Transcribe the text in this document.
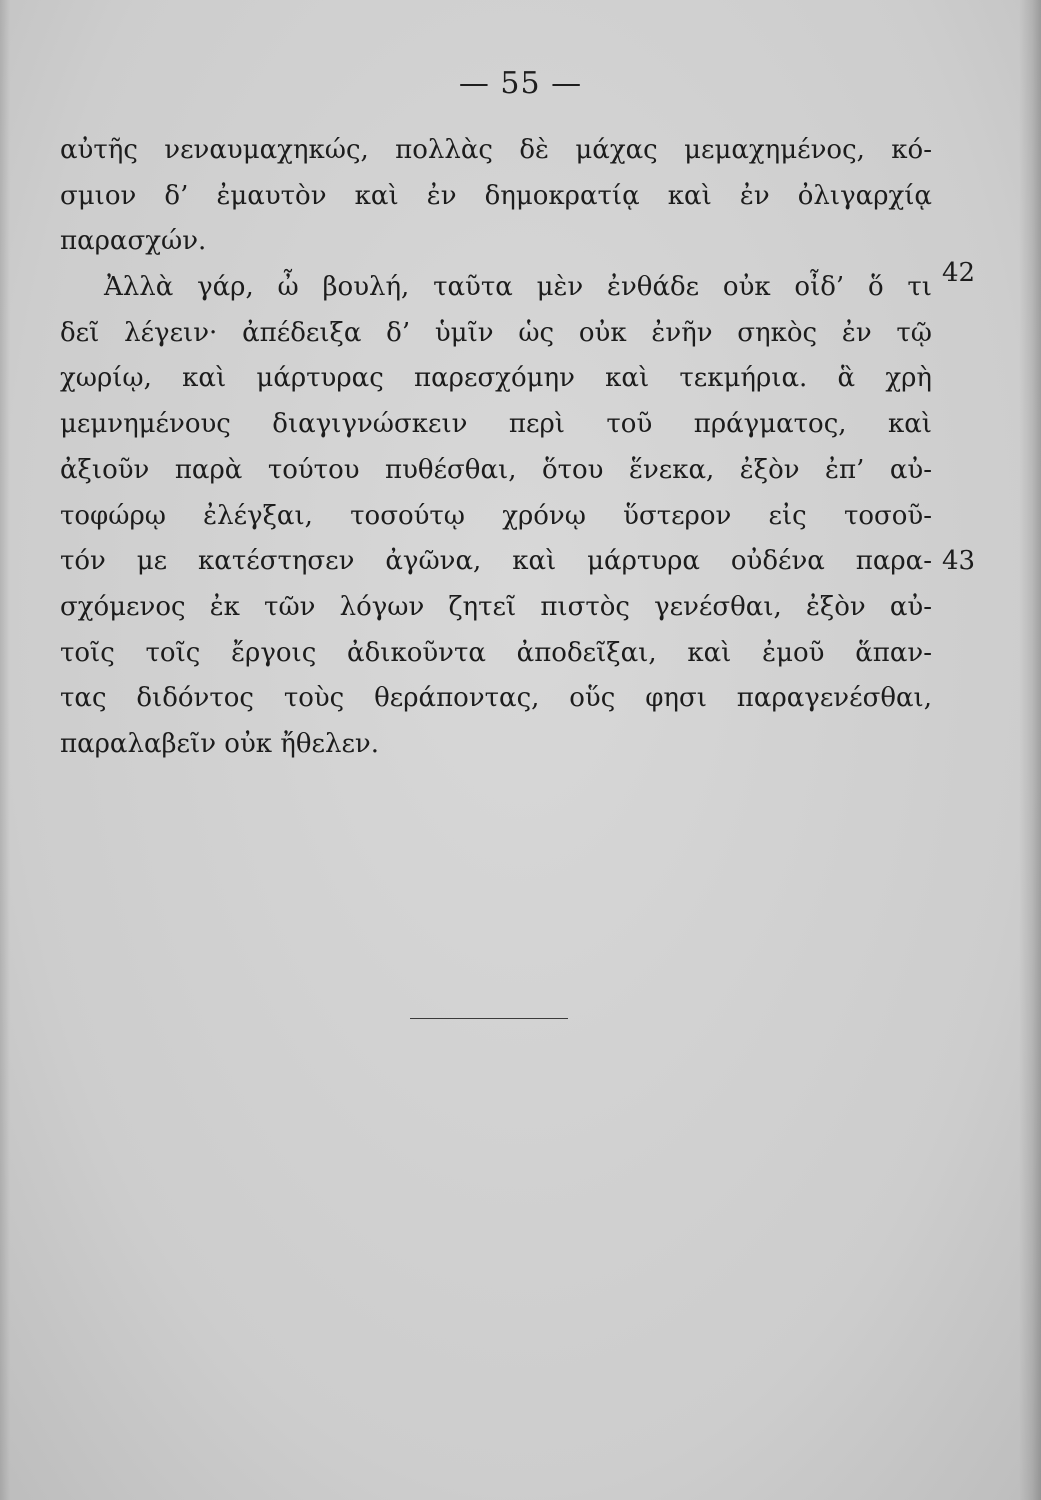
— 55 —
αὐτῆς νεναυμαχηκώς, πολλὰς δὲ μάχας μεμαχημένος, κό-
σμιον δ’ ἐμαυτὸν καὶ ἐν δημοκρατίᾳ καὶ ἐν ὀλιγαρχίᾳ
παρασχών.
Ἀλλὰ γάρ, ὦ βουλή, ταῦτα μὲν ἐνθάδε οὐκ οἶδ’ ὅ τι
δεῖ λέγειν· ἀπέδειξα δ’ ὑμῖν ὡς οὐκ ἐνῆν σηκὸς ἐν τῷ
χωρίῳ, καὶ μάρτυρας παρεσχόμην καὶ τεκμήρια. ἃ χρὴ
μεμνημένους διαγιγνώσκειν περὶ τοῦ πράγματος, καὶ
ἀξιοῦν παρὰ τούτου πυθέσθαι, ὅτου ἕνεκα, ἐξὸν ἐπ’ αὐ-
τοφώρῳ ἐλέγξαι, τοσούτῳ χρόνῳ ὕστερον εἰς τοσοῦ-
τόν με κατέστησεν ἀγῶνα, καὶ μάρτυρα οὐδένα παρα-
σχόμενος ἐκ τῶν λόγων ζητεῖ πιστὸς γενέσθαι, ἐξὸν αὐ-
τοῖς τοῖς ἔργοις ἀδικοῦντα ἀποδεῖξαι, καὶ ἐμοῦ ἅπαν-
τας διδόντος τοὺς θεράποντας, οὕς φησι παραγενέσθαι,
παραλαβεῖν οὐκ ἤθελεν.
42
43
